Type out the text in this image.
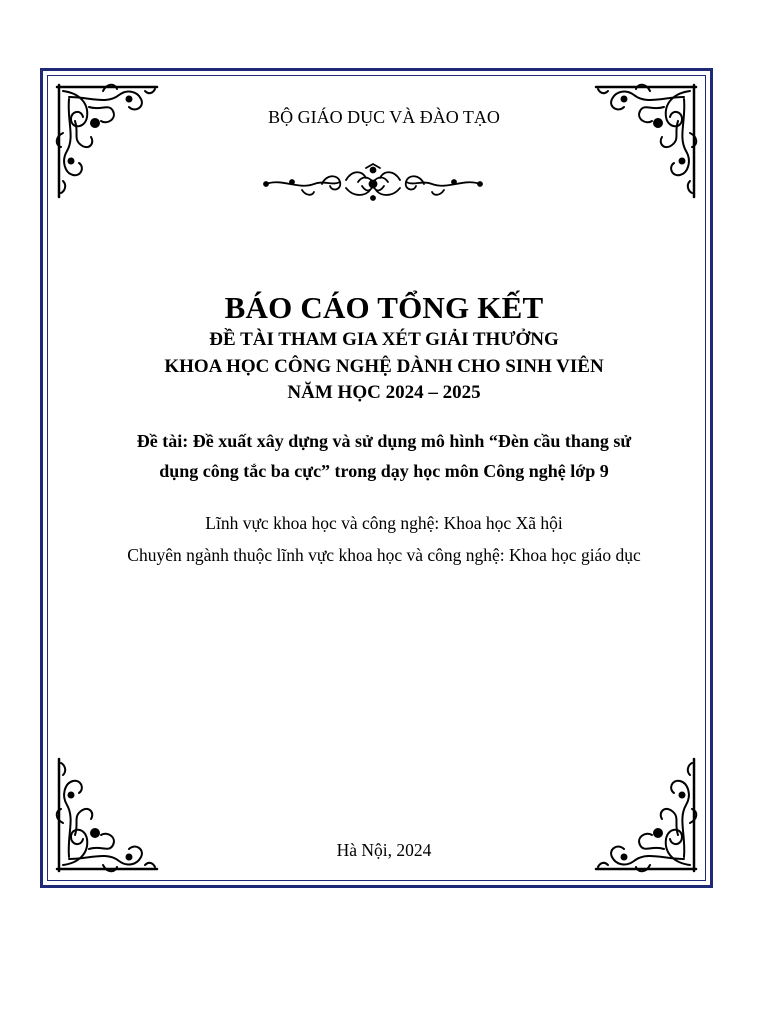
BỘ GIÁO DỤC VÀ ĐÀO TẠO
BÁO CÁO TỔNG KẾT
ĐỀ TÀI THAM GIA XÉT GIẢI THƯỞNG
KHOA HỌC CÔNG NGHỆ DÀNH CHO SINH VIÊN
NĂM HỌC 2024 – 2025
Đề tài: Đề xuất xây dựng và sử dụng mô hình “Đèn cầu thang sử
dụng công tắc ba cực” trong dạy học môn Công nghệ lớp 9
Lĩnh vực khoa học và công nghệ: Khoa học Xã hội
Chuyên ngành thuộc lĩnh vực khoa học và công nghệ: Khoa học giáo dục
Hà Nội, 2024
